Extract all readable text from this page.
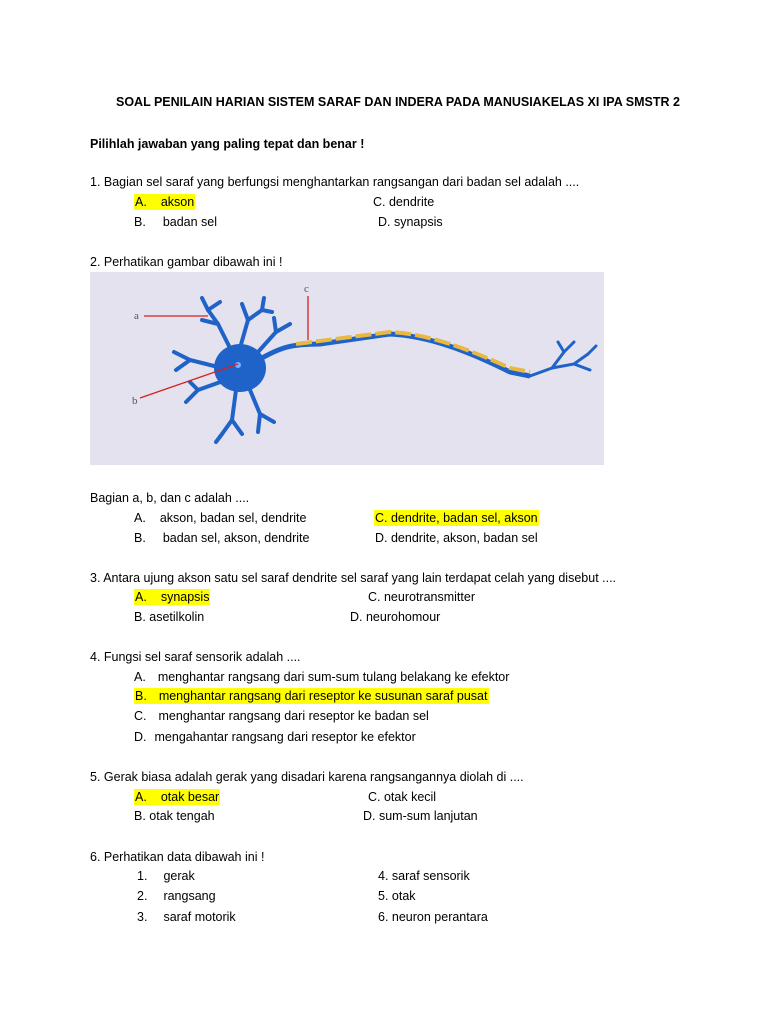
SOAL PENILAIN HARIAN SISTEM SARAF DAN INDERA PADA MANUSIAKELAS XI IPA SMSTR 2
Pilihlah jawaban yang paling tepat dan benar !
1. Bagian sel saraf yang berfungsi menghantarkan rangsangan dari badan sel adalah ....
A. akson
B. badan sel
C. dendrite
D. synapsis
2. Perhatikan gambar dibawah ini !
a
b
c
Bagian a, b, dan c adalah ....
A. akson, badan sel, dendrite
B. badan sel, akson, dendrite
C. dendrite, badan sel, akson
D. dendrite, akson, badan sel
3. Antara ujung akson satu sel saraf dendrite sel saraf yang lain terdapat celah yang disebut ....
A. synapsis
B. asetilkolin
C. neurotransmitter
D. neurohomour
4. Fungsi sel saraf sensorik adalah ....
A. menghantar rangsang dari sum-sum tulang belakang ke efektor
B. menghantar rangsang dari reseptor ke susunan saraf pusat
C. menghantar rangsang dari reseptor ke badan sel
D. mengahantar rangsang dari reseptor ke efektor
5. Gerak biasa adalah gerak yang disadari karena rangsangannya diolah di ....
A. otak besar
B. otak tengah
C. otak kecil
D. sum-sum lanjutan
6. Perhatikan data dibawah ini !
1. gerak
2. rangsang
3. saraf motorik
4. saraf sensorik
5. otak
6. neuron perantara
